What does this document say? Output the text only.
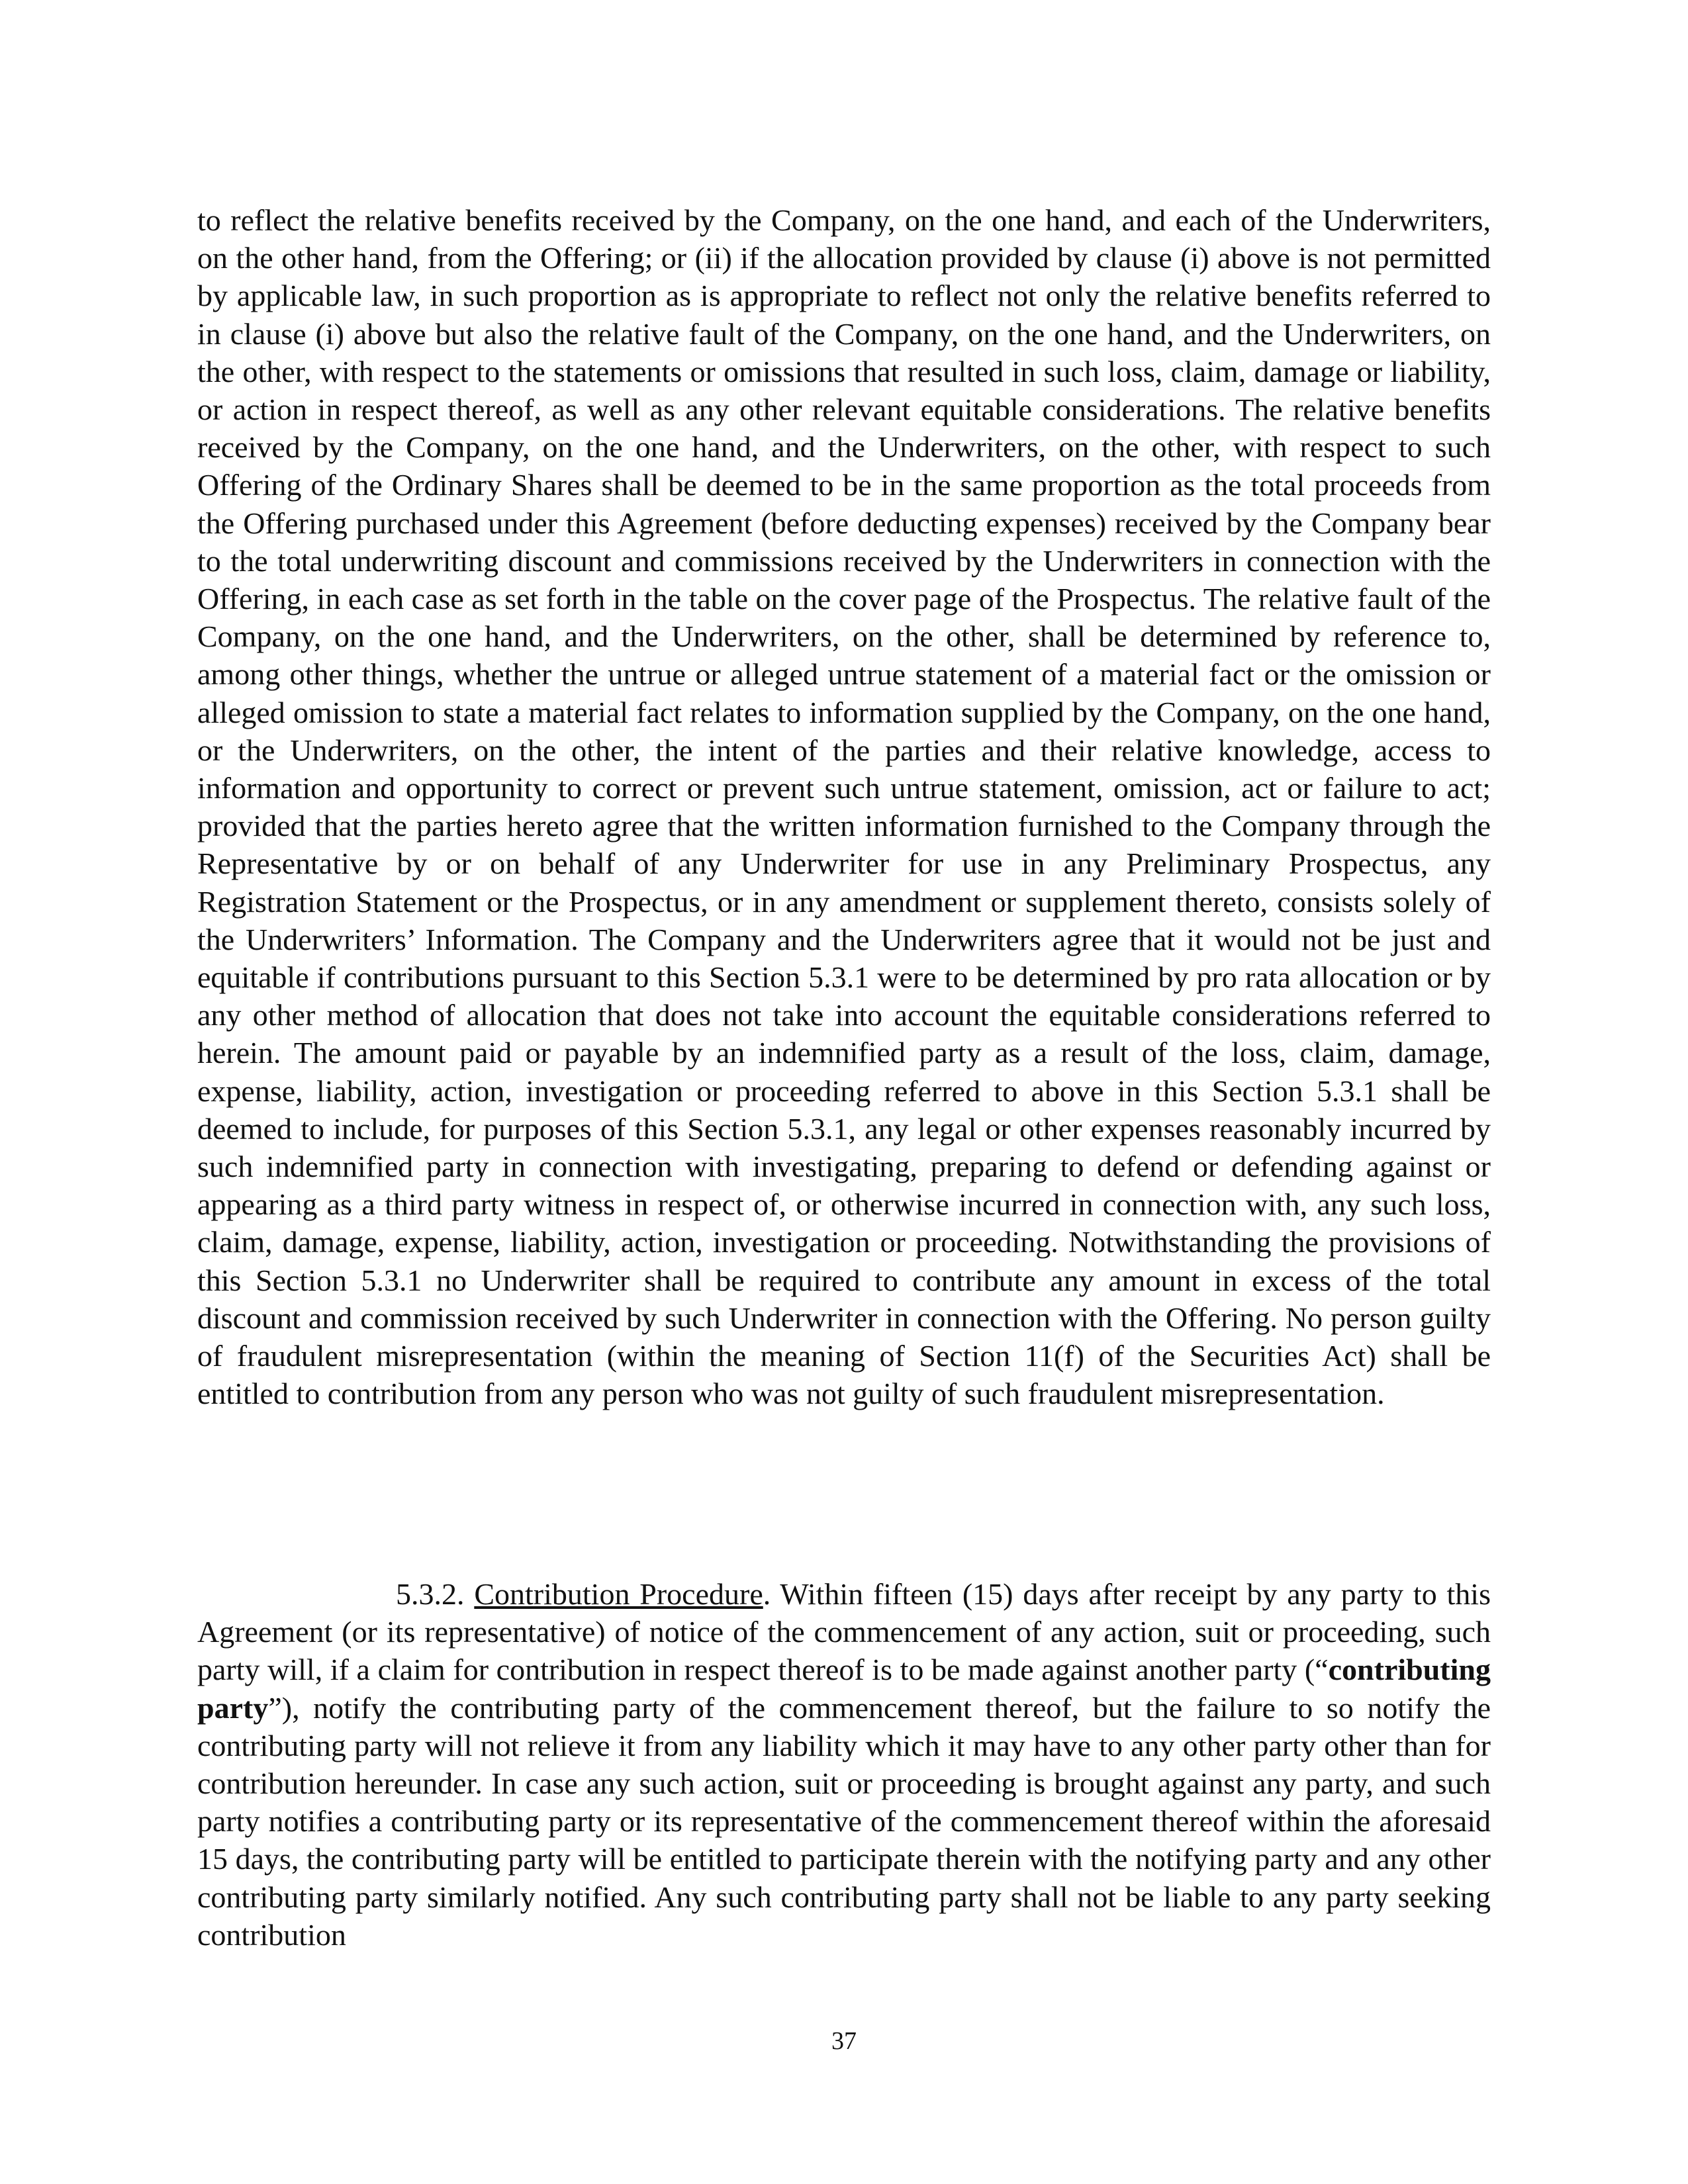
to reflect the relative benefits received by the Company, on the one hand, and each of the Underwriters, on the other hand, from the Offering; or (ii) if the allocation provided by clause (i) above is not permitted by applicable law, in such proportion as is appropriate to reflect not only the relative benefits referred to in clause (i) above but also the relative fault of the Company, on the one hand, and the Underwriters, on the other, with respect to the statements or omissions that resulted in such loss, claim, damage or liability, or action in respect thereof, as well as any other relevant equitable considerations. The relative benefits received by the Company, on the one hand, and the Underwriters, on the other, with respect to such Offering of the Ordinary Shares shall be deemed to be in the same proportion as the total proceeds from the Offering purchased under this Agreement (before deducting expenses) received by the Company bear to the total underwriting discount and commissions received by the Underwriters in connection with the Offering, in each case as set forth in the table on the cover page of the Prospectus. The relative fault of the Company, on the one hand, and the Underwriters, on the other, shall be determined by reference to, among other things, whether the untrue or alleged untrue statement of a material fact or the omission or alleged omission to state a material fact relates to information supplied by the Company, on the one hand, or the Underwriters, on the other, the intent of the parties and their relative knowledge, access to information and opportunity to correct or prevent such untrue statement, omission, act or failure to act; provided that the parties hereto agree that the written information furnished to the Company through the Representative by or on behalf of any Underwriter for use in any Preliminary Prospectus, any Registration Statement or the Prospectus, or in any amendment or supplement thereto, consists solely of the Underwriters’ Information. The Company and the Underwriters agree that it would not be just and equitable if contributions pursuant to this Section 5.3.1 were to be determined by pro rata allocation or by any other method of allocation that does not take into account the equitable considerations referred to herein. The amount paid or payable by an indemnified party as a result of the loss, claim, damage, expense, liability, action, investigation or proceeding referred to above in this Section 5.3.1 shall be deemed to include, for purposes of this Section 5.3.1, any legal or other expenses reasonably incurred by such indemnified party in connection with investigating, preparing to defend or defending against or appearing as a third party witness in respect of, or otherwise incurred in connection with, any such loss, claim, damage, expense, liability, action, investigation or proceeding. Notwithstanding the provisions of this Section 5.3.1 no Underwriter shall be required to contribute any amount in excess of the total discount and commission received by such Underwriter in connection with the Offering. No person guilty of fraudulent misrepresentation (within the meaning of Section 11(f) of the Securities Act) shall be entitled to contribution from any person who was not guilty of such fraudulent misrepresentation.

5.3.2. Contribution Procedure. Within fifteen (15) days after receipt by any party to this Agreement (or its representative) of notice of the commencement of any action, suit or proceeding, such party will, if a claim for contribution in respect thereof is to be made against another party (“contributing party”), notify the contributing party of the commencement thereof, but the failure to so notify the contributing party will not relieve it from any liability which it may have to any other party other than for contribution hereunder. In case any such action, suit or proceeding is brought against any party, and such party notifies a contributing party or its representative of the commencement thereof within the aforesaid 15 days, the contributing party will be entitled to participate therein with the notifying party and any other contributing party similarly notified. Any such contributing party shall not be liable to any party seeking contribution

37
